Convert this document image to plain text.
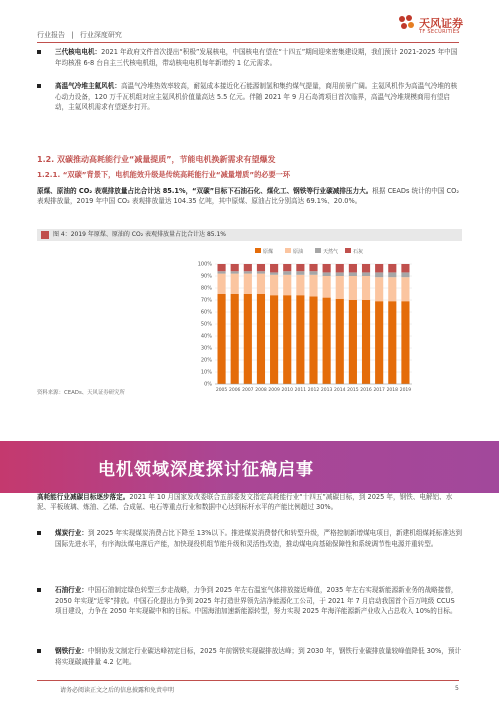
行业报告 | 行业深度研究
天风证券
TF SECURITIES
三代核电电机：2021 年政府文件首次提出“积极”发展核电，中国核电有望在“十四五”期间迎来密集建设期，我们预计 2021-2025 年中国年均核准 6-8 台自主三代核电机组，带动核电电机每年新增约 1 亿元需求。
高温气冷堆主氦风机：高温气冷堆热效率较高，耐氦成本接近化石能源制氢和集约煤气提量，商用前景广阔。主氦风机作为高温气冷堆的核心动力设备，120 万千瓦机组对应主氦风机价值量高达 5.5 亿元。伴随 2021 年 9 月石岛湾项目首次临界，高温气冷堆规模商用有望启动，主氦风机需求有望逐步打开。
1.2. 双碳推动高耗能行业“减量提质”，节能电机换新需求有望爆发
1.2.1. “双碳”背景下，电机能效升级是传统高耗能行业“减量增质”的必要一环
原煤、原油的 CO₂ 表观排放量占比合计达 85.1%，“双碳”目标下石油石化、煤化工、钢铁等行业碳减排压力大。根据 CEADs 统计的中国 CO₂ 表观排放量，2019 年中国 CO₂ 表观排放量达 104.35 亿吨，其中原煤、原油占比分别高达 69.1%、20.0%。
图 4：2019 年原煤、原油的 CO₂ 表观排放量占比合计达 85.1%
原煤	原油	天然气	石灰
0%
10%
20%
30%
40%
50%
60%
70%
80%
90%
100%
2005 2006 2007 2008 2009 2010 2011 2012 2013 2014 2015 2016 2017 2018 2019
资料来源：CEADs、天风证券研究所
电机领域深度探讨征稿启事
高耗能行业减碳目标逐步落定。2021 年 10 月国家发改委联合五部委发文指定高耗能行业“十四五”减碳目标，到 2025 年，钢铁、电解铝、水泥、平板玻璃、炼油、乙烯、合成氨、电石等重点行业和数据中心达到标杆水平的产能比例超过 30%。
煤炭行业：到 2025 年实现煤炭消费占比下降至 13%以下。推进煤炭消费替代和转型升级，严格控制新增煤电项目，新建机组煤耗标准达到国际先进水平，有序淘汰煤电落后产能，加快现役机组节能升级和灵活性改造，推动煤电向基础保障性和系统调节性电源并重转型。
石油行业：中国石油制定绿色转型三步走战略，力争到 2025 年左右温室气体排放接近峰值，2035 年左右实现新能源新业务的战略接替，2050 年实现“近零”排放。中国石化提出力争到 2025 年打造世界领先洁净能源化工公司，于 2021 年 7 月启动我国首个百万吨级 CCUS 项目建设，力争在 2050 年实现碳中和的目标。中国海油加速新能源转型，努力实现 2025 年海洋能源新产业收入占总收入 10%的目标。
钢铁行业：中钢协发文制定行业碳达峰初定目标，2025 年前钢铁实现碳排放达峰；到 2030 年，钢铁行业碳排放量较峰值降低 30%，预计将实现碳减排量 4.2 亿吨。
请务必阅读正文之后的信息披露和免责申明	5
